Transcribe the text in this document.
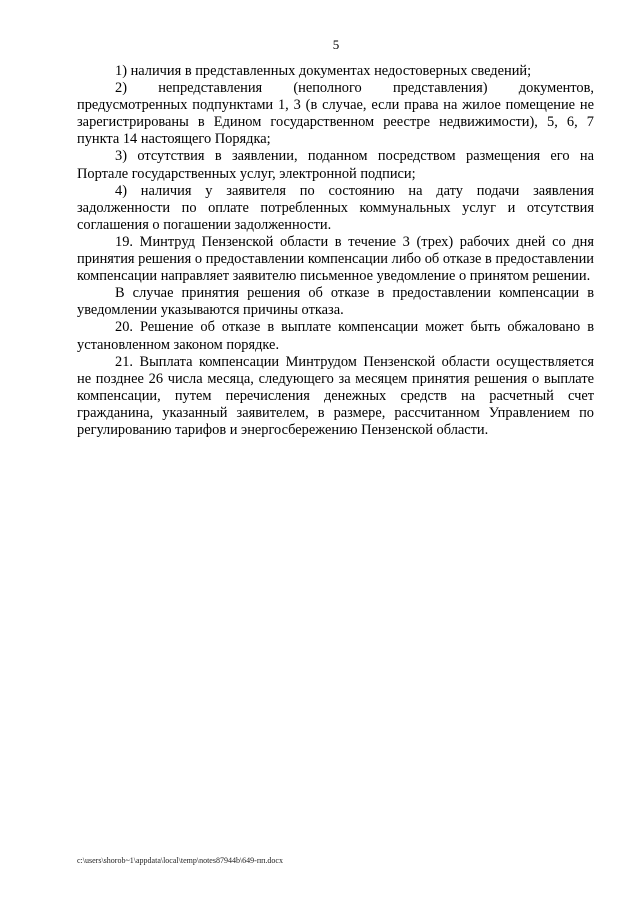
5

1) наличия в представленных документах недостоверных сведений;

2) непредставления (неполного представления) документов, предусмотренных подпунктами 1, 3 (в случае, если права на жилое помещение не зарегистрированы в Едином государственном реестре недвижимости), 5, 6, 7 пункта 14 настоящего Порядка;

3) отсутствия в заявлении, поданном посредством размещения его на Портале государственных услуг, электронной подписи;

4) наличия у заявителя по состоянию на дату подачи заявления задолженности по оплате потребленных коммунальных услуг и отсутствия соглашения о погашении задолженности.

19. Минтруд Пензенской области в течение 3 (трех) рабочих дней со дня принятия решения о предоставлении компенсации либо об отказе в предоставлении компенсации направляет заявителю письменное уведомление о принятом решении.

В случае принятия решения об отказе в предоставлении компенсации в уведомлении указываются причины отказа.

20. Решение об отказе в выплате компенсации может быть обжаловано в установленном законом порядке.

21. Выплата компенсации Минтрудом Пензенской области осуществляется не позднее 26 числа месяца, следующего за месяцем принятия решения о выплате компенсации, путем перечисления денежных средств на расчетный счет гражданина, указанный заявителем, в размере, рассчитанном Управлением по регулированию тарифов и энергосбережению Пензенской области.

c:\users\shorob~1\appdata\local\temp\notes87944b\649-пп.docx
